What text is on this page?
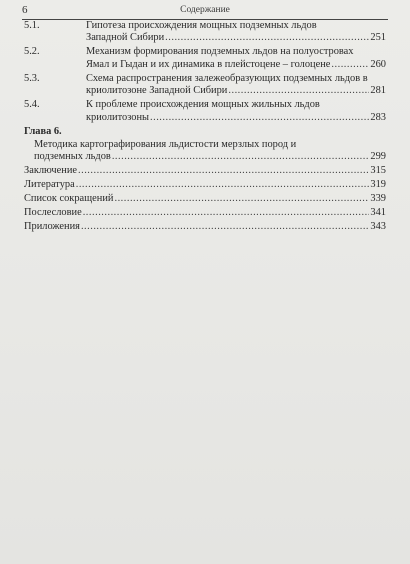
6	Содержание
5.1.	Гипотеза происхождения мощных подземных льдов
Западной Сибири .....	251
5.2.	Механизм формирования подземных льдов на полуостровах
Ямал и Гыдан и их динамика в плейстоцене – голоцене .....	260
5.3.	Схема распространения залежеобразующих подземных льдов в
криолитозоне Западной Сибири .....	281
5.4.	К проблеме происхождения мощных жильных льдов
криолитозоны .....	283
Глава 6.
Методика картографирования льдистости мерзлых пород и
подземных льдов .....	299
Заключение .....	315
Литература .....	319
Список сокращений .....	339
Послесловие .....	341
Приложения .....	343
